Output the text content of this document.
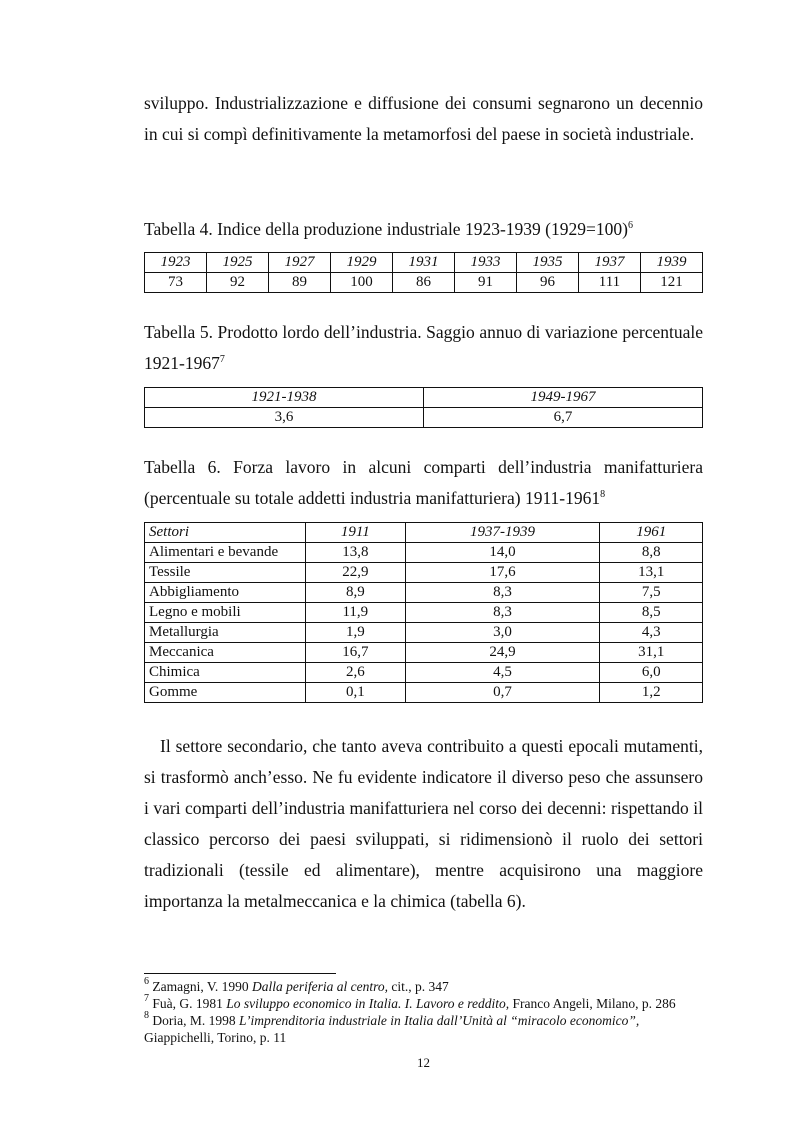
sviluppo. Industrializzazione e diffusione dei consumi segnarono un decennio in cui si compì definitivamente la metamorfosi del paese in società industriale.

Tabella 4. Indice della produzione industriale 1923-1939 (1929=100)$^6$

1923	1925	1927	1929	1931	1933	1935	1937	1939
73	92	89	100	86	91	96	111	121

Tabella 5. Prodotto lordo dell’industria. Saggio annuo di variazione percentuale 1921-1967$^7$

1921-1938	1949-1967
3,6	6,7

Tabella 6. Forza lavoro in alcuni comparti dell’industria manifatturiera (percentuale su totale addetti industria manifatturiera) 1911-1961$^8$

Settori	1911	1937-1939	1961
Alimentari e bevande	13,8	14,0	8,8
Tessile	22,9	17,6	13,1
Abbigliamento	8,9	8,3	7,5
Legno e mobili	11,9	8,3	8,5
Metallurgia	1,9	3,0	4,3
Meccanica	16,7	24,9	31,1
Chimica	2,6	4,5	6,0
Gomme	0,1	0,7	1,2

Il settore secondario, che tanto aveva contribuito a questi epocali mutamenti, si trasformò anch’esso. Ne fu evidente indicatore il diverso peso che assunsero i vari comparti dell’industria manifatturiera nel corso dei decenni: rispettando il classico percorso dei paesi sviluppati, si ridimensionò il ruolo dei settori tradizionali (tessile ed alimentare), mentre acquisirono una maggiore importanza la metalmeccanica e la chimica (tabella 6).

$^6$ Zamagni, V. 1990 Dalla periferia al centro, cit., p. 347

$^7$ Fuà, G. 1981 Lo sviluppo economico in Italia. I. Lavoro e reddito, Franco Angeli, Milano, p. 286

$^8$ Doria, M. 1998 L’imprenditoria industriale in Italia dall’Unità al “miracolo economico”, Giappichelli, Torino, p. 11

12
